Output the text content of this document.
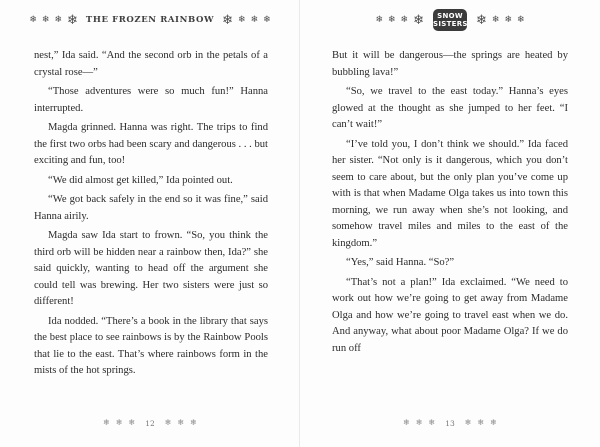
❄ ❄ ❄ ❄ THE FROZEN RAINBOW ❄ ❄ ❄ ❄

nest,” Ida said. “And the second orb in the petals of a crystal rose—”

“Those adventures were so much fun!” Hanna interrupted.

Magda grinned. Hanna was right. The trips to find the first two orbs had been scary and dangerous . . . but exciting and fun, too!

“We did almost get killed,” Ida pointed out.

“We got back safely in the end so it was fine,” said Hanna airily.

Magda saw Ida start to frown. “So, you think the third orb will be hidden near a rainbow then, Ida?” she said quickly, wanting to head off the argument she could tell was brewing. Her two sisters were just so different!

Ida nodded. “There’s a book in the library that says the best place to see rainbows is by the Rainbow Pools that lie to the east. That’s where rainbows form in the mists of the hot springs.

❄ ❄ ❄ 12 ❄ ❄ ❄
❄ ❄ ❄ ❄	SNOW
SISTERS ❄ ❄ ❄ ❄

But it will be dangerous—the springs are heated by bubbling lava!”

“So, we travel to the east today.” Hanna’s eyes glowed at the thought as she jumped to her feet. “I can’t wait!”

“I’ve told you, I don’t think we should.” Ida faced her sister. “Not only is it dangerous, which you don’t seem to care about, but the only plan you’ve come up with is that when Madame Olga takes us into town this morning, we run away when she’s not looking, and somehow travel miles and miles to the east of the kingdom.”

“Yes,” said Hanna. “So?”

“That’s not a plan!” Ida exclaimed. “We need to work out how we’re going to get away from Madame Olga and how we’re going to travel east when we do. And anyway, what about poor Madame Olga? If we do run off

❄ ❄ ❄ 13 ❄ ❄ ❄
